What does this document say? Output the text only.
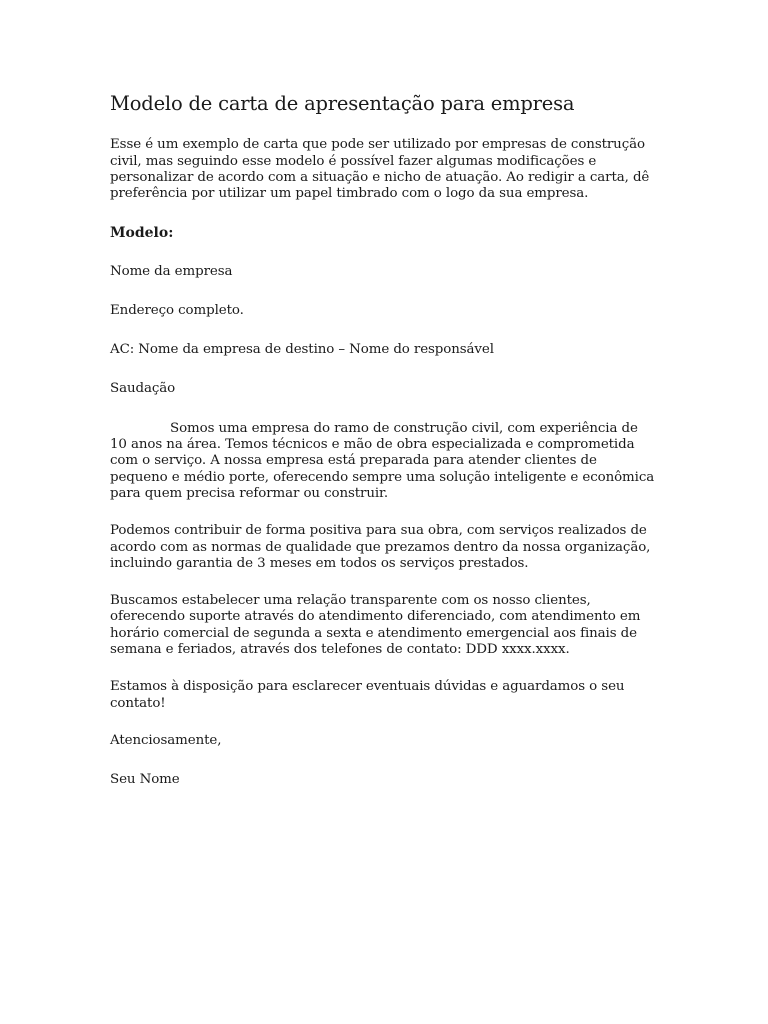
Modelo de carta de apresentação para empresa

Esse é um exemplo de carta que pode ser utilizado por empresas de construção civil, mas seguindo esse modelo é possível fazer algumas modificações e personalizar de acordo com a situação e nicho de atuação. Ao redigir a carta, dê preferência por utilizar um papel timbrado com o logo da sua empresa.

Modelo:

Nome da empresa

Endereço completo.

AC: Nome da empresa de destino – Nome do responsável

Saudação

Somos uma empresa do ramo de construção civil, com experiência de 10 anos na área. Temos técnicos e mão de obra especializada e comprometida com o serviço. A nossa empresa está preparada para atender clientes de pequeno e médio porte, oferecendo sempre uma solução inteligente e econômica para quem precisa reformar ou construir.

Podemos contribuir de forma positiva para sua obra, com serviços realizados de acordo com as normas de qualidade que prezamos dentro da nossa organização, incluindo garantia de 3 meses em todos os serviços prestados.

Buscamos estabelecer uma relação transparente com os nosso clientes, oferecendo suporte através do atendimento diferenciado, com atendimento em horário comercial de segunda a sexta e atendimento emergencial aos finais de semana e feriados, através dos telefones de contato: DDD xxxx.xxxx.

Estamos à disposição para esclarecer eventuais dúvidas e aguardamos o seu contato!

Atenciosamente,

Seu Nome
